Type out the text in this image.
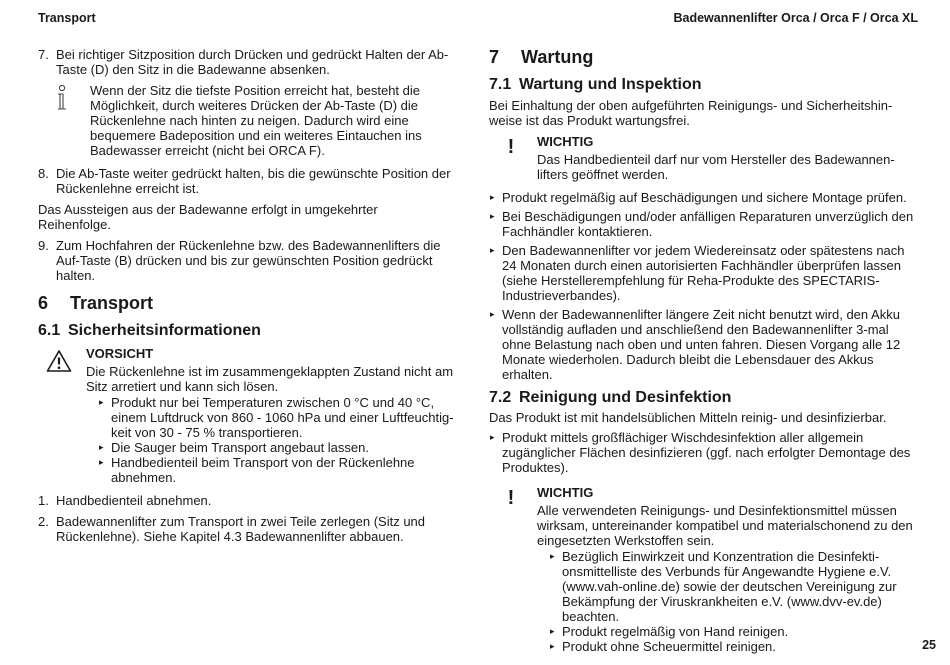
Transport	Badewannenlifter Orca / Orca F / Orca XL

7. Bei richtiger Sitzposition durch Drücken und gedrückt Halten der Ab-Taste (D) den Sitz in die Badewanne absenken.

Wenn der Sitz die tiefste Position erreicht hat, besteht die Möglichkeit, durch weiteres Drücken der Ab-Taste (D) die Rückenlehne nach hinten zu neigen. Dadurch wird eine bequemere Badeposition und ein weiteres Eintauchen ins Badewasser erreicht (nicht bei ORCA F).

8. Die Ab-Taste weiter gedrückt halten, bis die gewünschte Position der Rückenlehne erreicht ist.

Das Aussteigen aus der Badewanne erfolgt in umgekehrter Reihenfolge.

9. Zum Hochfahren der Rückenlehne bzw. des Badewannenlifters die Auf-Taste (B) drücken und bis zur gewünschten Position gedrückt halten.

6 Transport
6.1 Sicherheitsinformationen
VORSICHT

Die Rückenlehne ist im zusammengeklappten Zustand nicht am Sitz arretiert und kann sich lösen.

▸ Produkt nur bei Temperaturen zwischen 0 °C und 40 °C, einem Luftdruck von 860 - 1060 hPa und einer Luftfeuchtig-keit von 30 - 75 % transportieren.
▸ Die Sauger beim Transport angebaut lassen.
▸ Handbedienteil beim Transport von der Rückenlehne abnehmen.

1. Handbedienteil abnehmen.

2. Badewannenlifter zum Transport in zwei Teile zerlegen (Sitz und Rückenlehne). Siehe Kapitel 4.3 Badewannenlifter abbauen.

7 Wartung
7.1 Wartung und Inspektion

Bei Einhaltung der oben aufgeführten Reinigungs- und Sicherheitshin-weise ist das Produkt wartungsfrei.

!	WICHTIG

Das Handbedienteil darf nur vom Hersteller des Badewannen-lifters geöffnet werden.

▸ Produkt regelmäßig auf Beschädigungen und sichere Montage prüfen.
▸ Bei Beschädigungen und/oder anfälligen Reparaturen unverzüglich den Fachhändler kontaktieren.
▸ Den Badewannenlifter vor jedem Wiedereinsatz oder spätestens nach 24 Monaten durch einen autorisierten Fachhändler überprüfen lassen (siehe Herstellerempfehlung für Reha-Produkte des SPECTARIS-Industrieverbandes).
▸ Wenn der Badewannenlifter längere Zeit nicht benutzt wird, den Akku vollständig aufladen und anschließend den Badewannenlifter 3-mal ohne Belastung nach oben und unten fahren. Diesen Vorgang alle 12 Monate wiederholen. Dadurch bleibt die Lebensdauer des Akkus erhalten.
7.2 Reinigung und Desinfektion

Das Produkt ist mit handelsüblichen Mitteln reinig- und desinfizierbar.

▸ Produkt mittels großflächiger Wischdesinfektion aller allgemein zugänglicher Flächen desinfizieren (ggf. nach erfolgter Demontage des Produktes).
!	WICHTIG

Alle verwendeten Reinigungs- und Desinfektionsmittel müssen wirksam, untereinander kompatibel und materialschonend zu den eingesetzten Werkstoffen sein.

▸ Bezüglich Einwirkzeit und Konzentration die Desinfekti-onsmittelliste des Verbunds für Angewandte Hygiene e.V. (www.vah-online.de) sowie der deutschen Vereinigung zur Bekämpfung der Viruskrankheiten e.V. (www.dvv-ev.de) beachten.
▸ Produkt regelmäßig von Hand reinigen.
▸ Produkt ohne Scheuermittel reinigen.	25
